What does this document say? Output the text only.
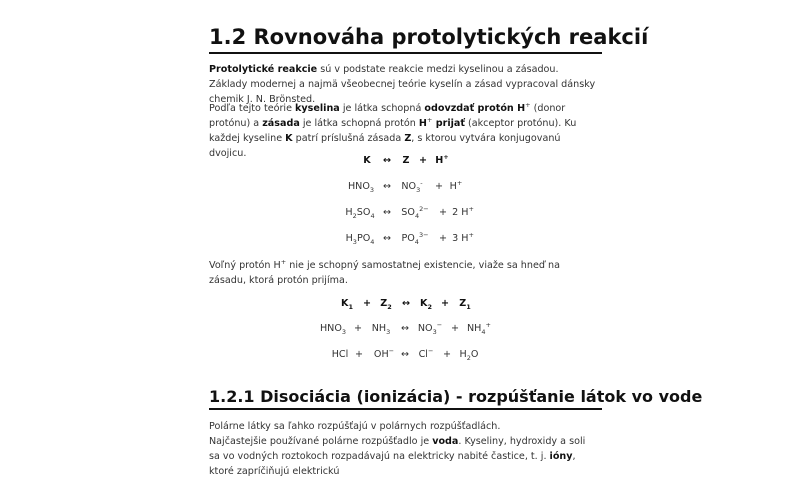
1.2 Rovnováha protolytických reakcií

Protolytické reakcie sú v podstate reakcie medzi kyselinou a zásadou. Základy modernej a najmä všeobecnej teórie kyselín a zásad vypracoval dánsky chemik J. N. Brönsted.

Podľa tejto teórie kyselina je látka schopná odovzdať protón H+ (donor protónu) a zásada je látka schopná protón H+ prijať (akceptor protónu). Ku každej kyseline K patrí príslušná zásada Z, s ktorou vytvára konjugovanú dvojicu.

K ↔ Z + H+
$HNO_3$ ↔ $NO_3^- + H^+$
$H_2SO_4$ ↔ $SO_4^{2-} + 2$ H+
$H_3PO_4$ ↔ $PO_4^{3-} + 3$ H+

Voľný protón H+ nie je schopný samostatnej existencie, viaže sa hneď na zásadu, ktorá protón prijíma.

$K_1 + Z_2$ ↔ $K_2 + Z_1$
$HNO_3 + NH_3$ ↔ $NO_3^- + NH_4^+$
HCl + OH− ↔ $Cl^- + H_2O$
1.2.1 Disociácia (ionizácia) - rozpúšťanie látok vo vode

Polárne látky sa ľahko rozpúšťajú v polárnych rozpúšťadlách.
Najčastejšie používané polárne rozpúšťadlo je voda. Kyseliny, hydroxidy a soli sa vo vodných roztokoch rozpadávajú na elektricky nabité častice, t. j. ióny, ktoré zapríčiňujú elektrickú
